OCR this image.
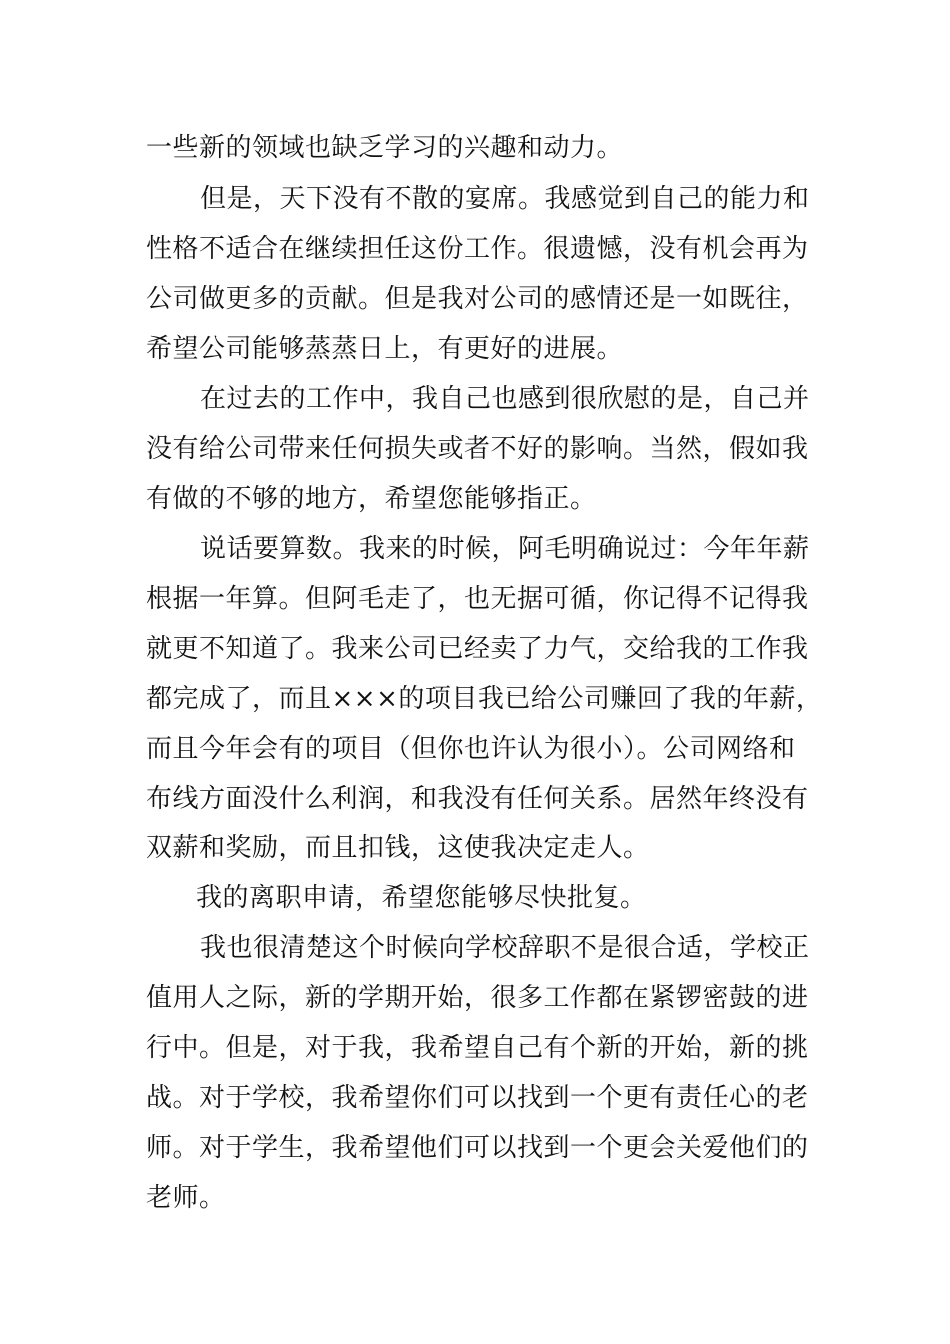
一些新的领域也缺乏学习的兴趣和动力。

但是，天下没有不散的宴席。我感觉到自己的能力和

性格不适合在继续担任这份工作。很遗憾，没有机会再为

公司做更多的贡献。但是我对公司的感情还是一如既往，

希望公司能够蒸蒸日上，有更好的进展。

在过去的工作中，我自己也感到很欣慰的是，自己并

没有给公司带来任何损失或者不好的影响。当然，假如我

有做的不够的地方，希望您能够指正。

说话要算数。我来的时候，阿毛明确说过：今年年薪

根据一年算。但阿毛走了，也无据可循，你记得不记得我

就更不知道了。我来公司已经卖了力气，交给我的工作我

都完成了，而且×××的项目我已给公司赚回了我的年薪，

而且今年会有的项目（但你也许认为很小）。公司网络和

布线方面没什么利润，和我没有任何关系。居然年终没有

双薪和奖励，而且扣钱，这使我决定走人。

我的离职申请，希望您能够尽快批复。

我也很清楚这个时候向学校辞职不是很合适，学校正

值用人之际，新的学期开始，很多工作都在紧锣密鼓的进

行中。但是，对于我，我希望自己有个新的开始，新的挑

战。对于学校，我希望你们可以找到一个更有责任心的老

师。对于学生，我希望他们可以找到一个更会关爱他们的

老师。
